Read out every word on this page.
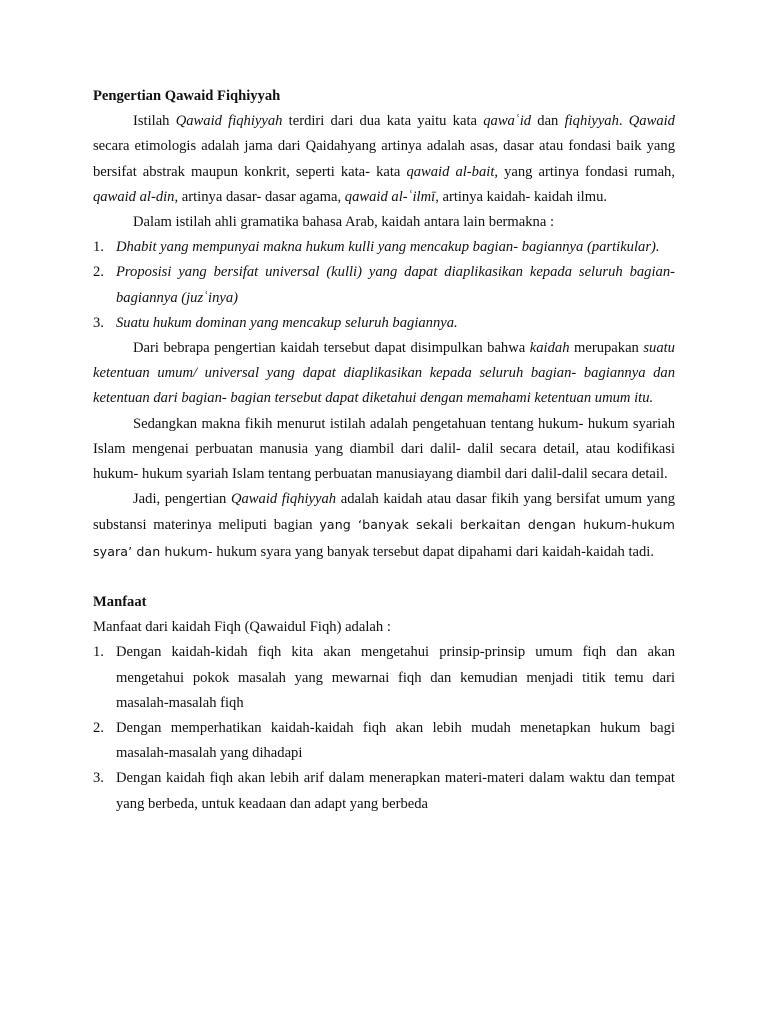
Pengertian Qawaid Fiqhiyyah

Istilah Qawaid fiqhiyyah terdiri dari dua kata yaitu kata qawaʿid dan fiqhiyyah. Qawaid secara etimologis adalah jama dari Qaidahyang artinya adalah asas, dasar atau fondasi baik yang bersifat abstrak maupun konkrit, seperti kata- kata qawaid al-bait, yang artinya fondasi rumah, qawaid al-din, artinya dasar- dasar agama, qawaid al-ʿilmī, artinya kaidah- kaidah ilmu.

Dalam istilah ahli gramatika bahasa Arab, kaidah antara lain bermakna :

1. Dhabit yang mempunyai makna hukum kulli yang mencakup bagian- bagiannya (partikular).
2. Proposisi yang bersifat universal (kulli) yang dapat diaplikasikan kepada seluruh bagian- bagiannya (juzʿinya)
3. Suatu hukum dominan yang mencakup seluruh bagiannya.

Dari bebrapa pengertian kaidah tersebut dapat disimpulkan bahwa kaidah merupakan suatu ketentuan umum/ universal yang dapat diaplikasikan kepada seluruh bagian- bagiannya dan ketentuan dari bagian- bagian tersebut dapat diketahui dengan memahami ketentuan umum itu.

Sedangkan makna fikih menurut istilah adalah pengetahuan tentang hukum- hukum syariah Islam mengenai perbuatan manusia yang diambil dari dalil- dalil secara detail, atau kodifikasi hukum- hukum syariah Islam tentang perbuatan manusiayang diambil dari dalil-dalil secara detail.

Jadi, pengertian Qawaid fiqhiyyah adalah kaidah atau dasar fikih yang bersifat umum yang substansi materinya meliputi bagian yang ‘banyak sekali berkaitan dengan hukum-hukum syara’ dan hukum- hukum syara yang banyak tersebut dapat dipahami dari kaidah-kaidah tadi.

Manfaat

Manfaat dari kaidah Fiqh (Qawaidul Fiqh) adalah :

1. Dengan kaidah-kidah fiqh kita akan mengetahui prinsip-prinsip umum fiqh dan akan mengetahui pokok masalah yang mewarnai fiqh dan kemudian menjadi titik temu dari masalah-masalah fiqh
2. Dengan memperhatikan kaidah-kaidah fiqh akan lebih mudah menetapkan hukum bagi masalah-masalah yang dihadapi
3. Dengan kaidah fiqh akan lebih arif dalam menerapkan materi-materi dalam waktu dan tempat yang berbeda, untuk keadaan dan adapt yang berbeda
